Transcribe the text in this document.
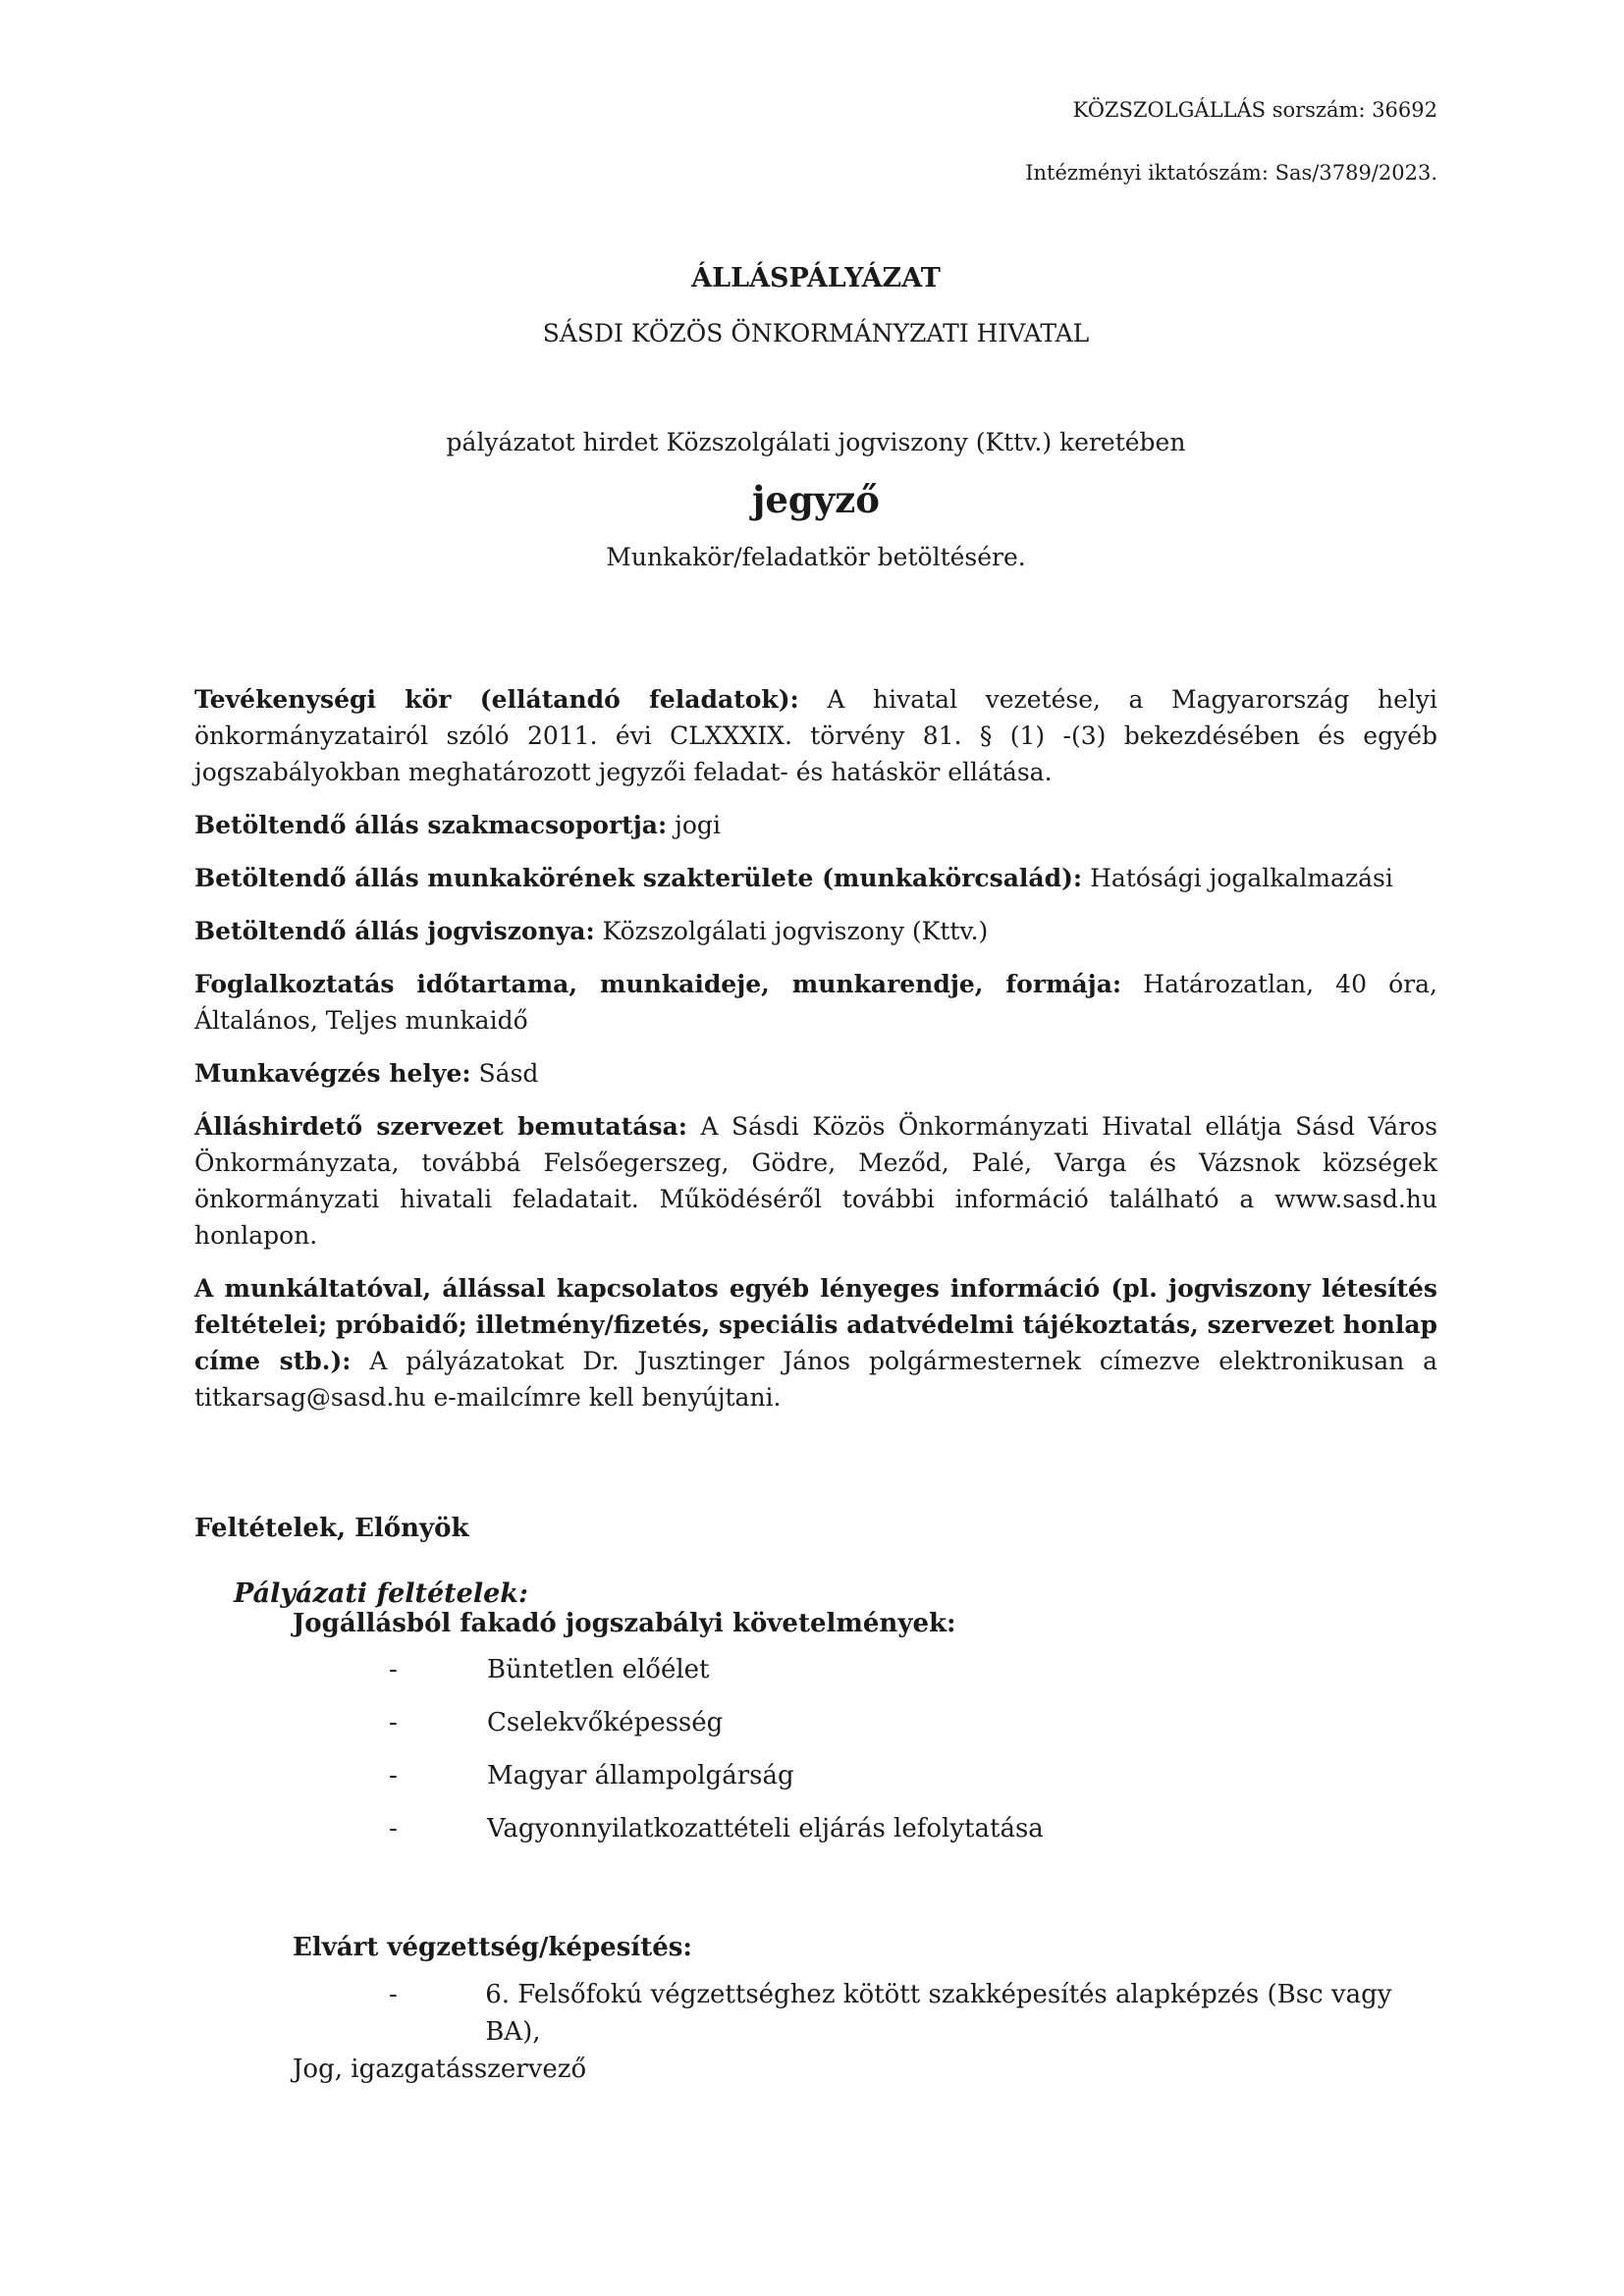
KÖZSZOLGÁLLÁS sorszám: 36692
Intézményi iktatószám: Sas/3789/2023.
ÁLLÁSPÁLYÁZAT
SÁSDI KÖZÖS ÖNKORMÁNYZATI HIVATAL
pályázatot hirdet Közszolgálati jogviszony (Kttv.) keretében
jegyző
Munkakör/feladatkör betöltésére.

Tevékenységi kör (ellátandó feladatok): A hivatal vezetése, a Magyarország helyi önkormányzatairól szóló 2011. évi CLXXXIX. törvény 81. § (1) -(3) bekezdésében és egyéb jogszabályokban meghatározott jegyzői feladat- és hatáskör ellátása.

Betöltendő állás szakmacsoportja: jogi

Betöltendő állás munkakörének szakterülete (munkakörcsalád): Hatósági jogalkalmazási

Betöltendő állás jogviszonya: Közszolgálati jogviszony (Kttv.)

Foglalkoztatás időtartama, munkaideje, munkarendje, formája: Határozatlan, 40 óra, Általános, Teljes munkaidő

Munkavégzés helye: Sásd

Álláshirdető szervezet bemutatása: A Sásdi Közös Önkormányzati Hivatal ellátja Sásd Város Önkormányzata, továbbá Felsőegerszeg, Gödre, Meződ, Palé, Varga és Vázsnok községek önkormányzati hivatali feladatait. Működéséről további információ található a www.sasd.hu honlapon.

A munkáltatóval, állással kapcsolatos egyéb lényeges információ (pl. jogviszony létesítés feltételei; próbaidő; illetmény/fizetés, speciális adatvédelmi tájékoztatás, szervezet honlap címe stb.): A pályázatokat Dr. Jusztinger János polgármesternek címezve elektronikusan a titkarsag@sasd.hu e-mailcímre kell benyújtani.

Feltételek, Előnyök
Pályázati feltételek:
Jogállásból fakadó jogszabályi követelmények:
-	Büntetlen előélet
-	Cselekvőképesség
-	Magyar állampolgárság
-	Vagyonnyilatkozattételi eljárás lefolytatása
Elvárt végzettség/képesítés:
-	6. Felsőfokú végzettséghez kötött szakképesítés alapképzés (Bsc vagy BA),
Jog, igazgatásszervező
